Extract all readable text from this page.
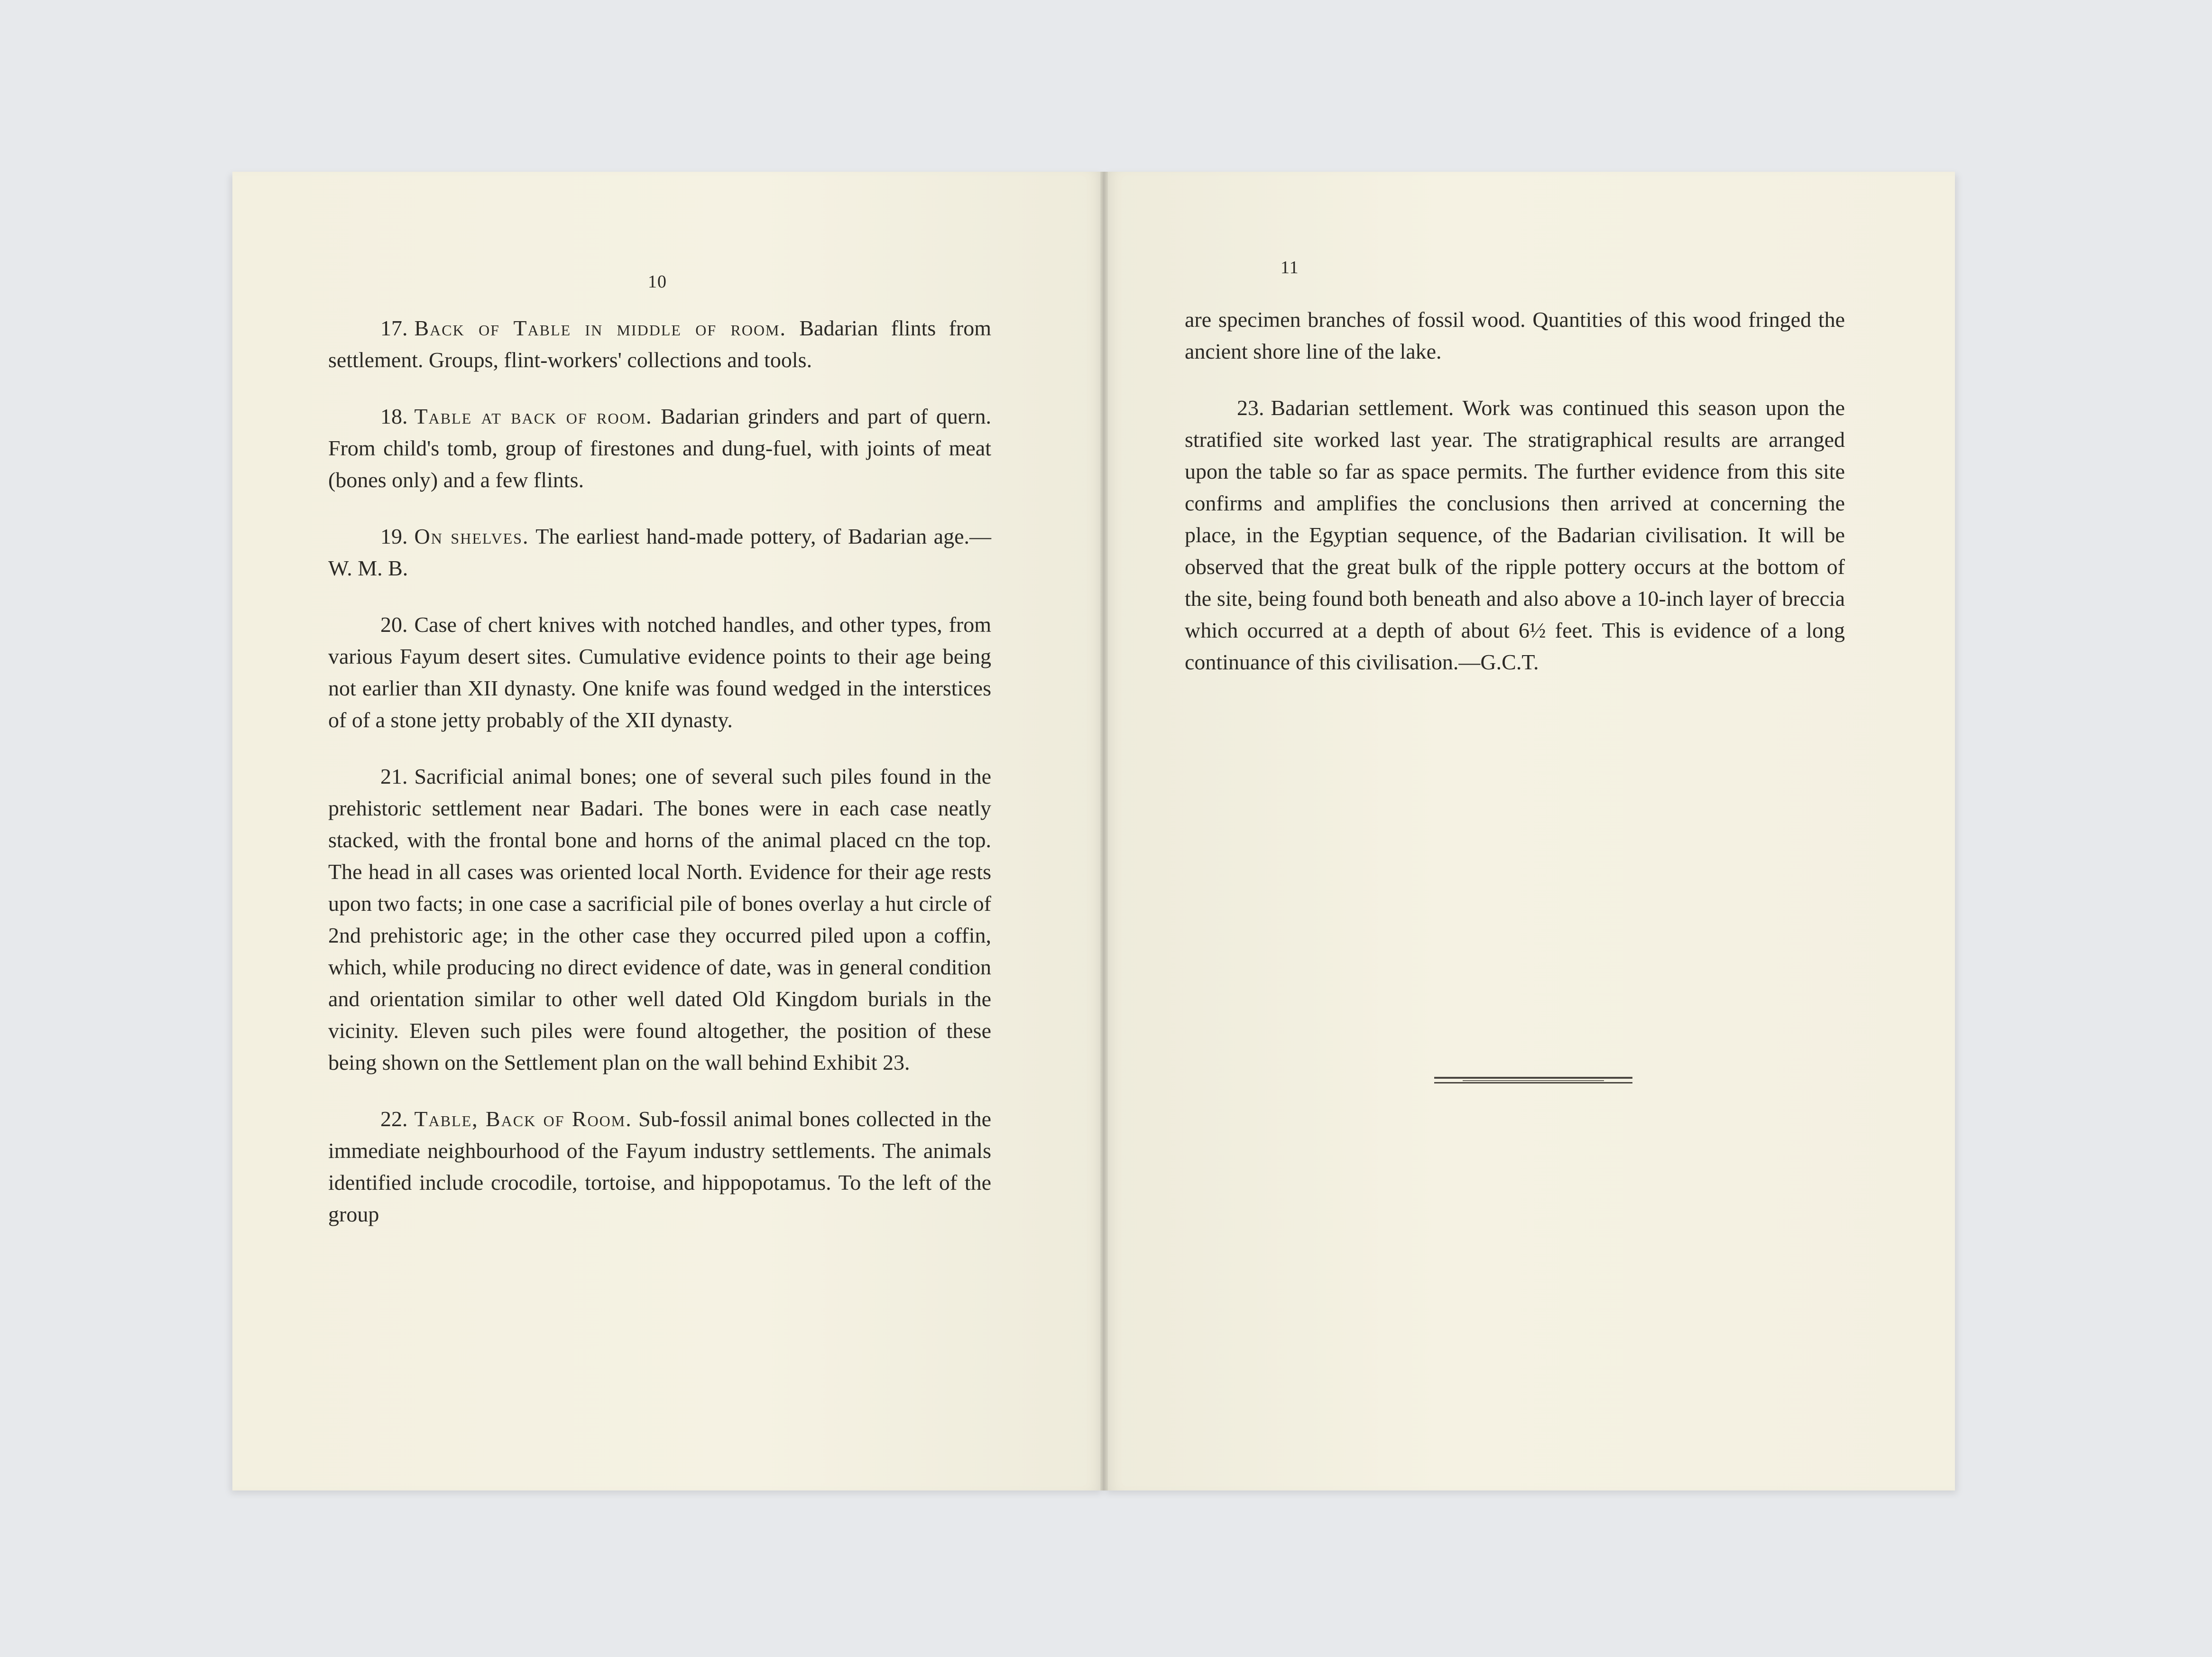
10

17. Back of Table in middle of room. Badarian flints from settlement. Groups, flint-workers' collections and tools.

18. Table at back of room. Badarian grinders and part of quern. From child's tomb, group of firestones and dung-fuel, with joints of meat (bones only) and a few flints.

19. On shelves. The earliest hand-made pottery, of Badarian age.—W. M. B.

20. Case of chert knives with notched handles, and other types, from various Fayum desert sites. Cumulative evidence points to their age being not earlier than XII dynasty. One knife was found wedged in the interstices of of a stone jetty probably of the XII dynasty.

21. Sacrificial animal bones; one of several such piles found in the prehistoric settlement near Badari. The bones were in each case neatly stacked, with the frontal bone and horns of the animal placed cn the top. The head in all cases was oriented local North. Evidence for their age rests upon two facts; in one case a sacrificial pile of bones overlay a hut circle of 2nd prehistoric age; in the other case they occurred piled upon a coffin, which, while producing no direct evidence of date, was in general condition and orientation similar to other well dated Old Kingdom burials in the vicinity. Eleven such piles were found altogether, the position of these being shown on the Settlement plan on the wall behind Exhibit 23.

22. Table, Back of Room. Sub-fossil animal bones collected in the immediate neighbourhood of the Fayum industry settlements. The animals identified include crocodile, tortoise, and hippopotamus. To the left of the group

11

are specimen branches of fossil wood. Quantities of this wood fringed the ancient shore line of the lake.

23. Badarian settlement. Work was continued this season upon the stratified site worked last year. The stratigraphical results are arranged upon the table so far as space permits. The further evidence from this site confirms and amplifies the conclusions then arrived at concerning the place, in the Egyptian sequence, of the Badarian civilisation. It will be observed that the great bulk of the ripple pottery occurs at the bottom of the site, being found both beneath and also above a 10-inch layer of breccia which occurred at a depth of about 6½ feet. This is evidence of a long continuance of this civilisation.—G.C.T.
